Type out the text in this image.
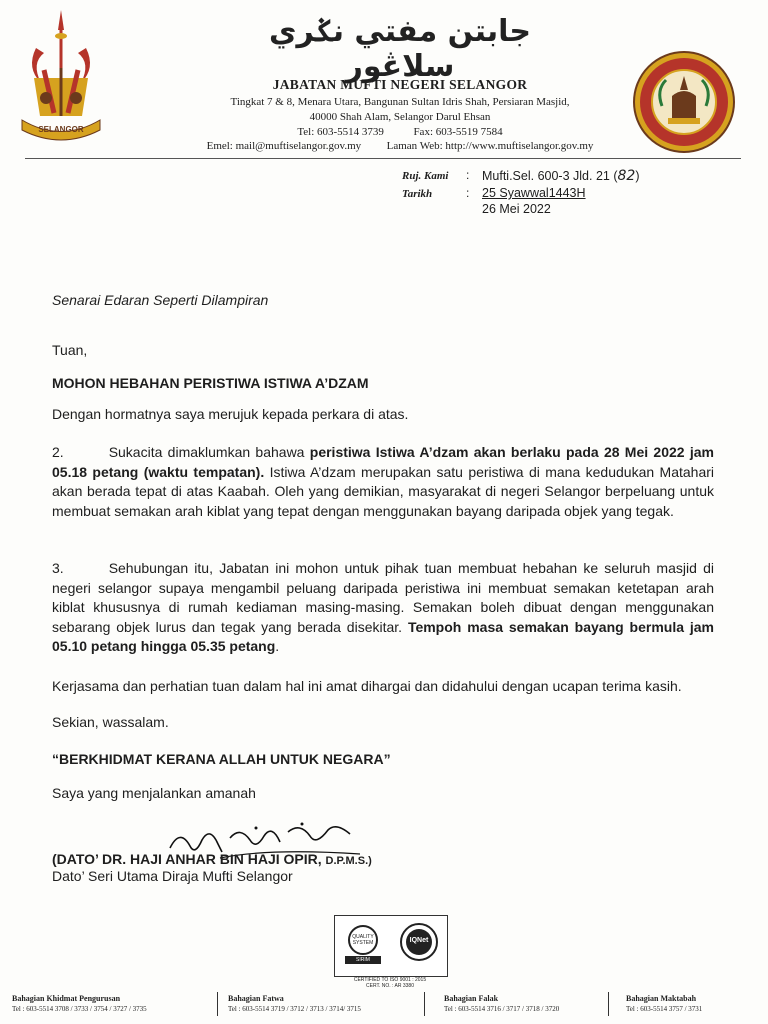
SELANGOR
جابتن مفتي نݢري سلاڠور
JABATAN MUFTI NEGERI SELANGOR
Tingkat 7 & 8, Menara Utara, Bangunan Sultan Idris Shah, Persiaran Masjid,
40000 Shah Alam, Selangor Darul Ehsan
Tel: 603-5514 3739	Fax: 603-5519 7584
Emel: mail@muftiselangor.gov.my Laman Web: http://www.muftiselangor.gov.my
Ruj. Kami : Mufti.Sel. 600-3 Jld. 21 (82)
Tarikh	: 25 Syawwal1443H
26 Mei 2022
Senarai Edaran Seperti Dilampiran
Tuan,
MOHON HEBAHAN PERISTIWA ISTIWA A’DZAM
Dengan hormatnya saya merujuk kepada perkara di atas.
2.	Sukacita dimaklumkan bahawa peristiwa Istiwa A’dzam akan berlaku pada 28 Mei 2022 jam 05.18 petang (waktu tempatan). Istiwa A’dzam merupakan satu peristiwa di mana kedudukan Matahari akan berada tepat di atas Kaabah. Oleh yang demikian, masyarakat di negeri Selangor berpeluang untuk membuat semakan arah kiblat yang tepat dengan menggunakan bayang daripada objek yang tegak.
3.	Sehubungan itu, Jabatan ini mohon untuk pihak tuan membuat hebahan ke seluruh masjid di negeri selangor supaya mengambil peluang daripada peristiwa ini membuat semakan ketetapan arah kiblat khususnya di rumah kediaman masing-masing. Semakan boleh dibuat dengan menggunakan sebarang objek lurus dan tegak yang berada disekitar. Tempoh masa semakan bayang bermula jam 05.10 petang hingga 05.35 petang.
Kerjasama dan perhatian tuan dalam hal ini amat dihargai dan didahului dengan ucapan terima kasih.
Sekian, wassalam.
“BERKHIDMAT KERANA ALLAH UNTUK NEGARA”
Saya yang menjalankan amanah
(DATO’ DR. HAJI ANHAR BIN HAJI OPIR, D.P.M.S.)
Dato’ Seri Utama Diraja Mufti Selangor
QUALITY SYSTEM
SIRIM
IQNet
CERTIFIED TO ISO 9001 : 2015
CERT. NO. : AR 3380
Bahagian Khidmat Pengurusan
Tel : 603-5514 3708 / 3733 / 3754 / 3727 / 3735
Bahagian Fatwa
Tel : 603-5514 3719 / 3712 / 3713 / 3714/ 3715
Bahagian Falak
Tel : 603-5514 3716 / 3717 / 3718 / 3720
Bahagian Maktabah
Tel : 603-5514 3757 / 3731
